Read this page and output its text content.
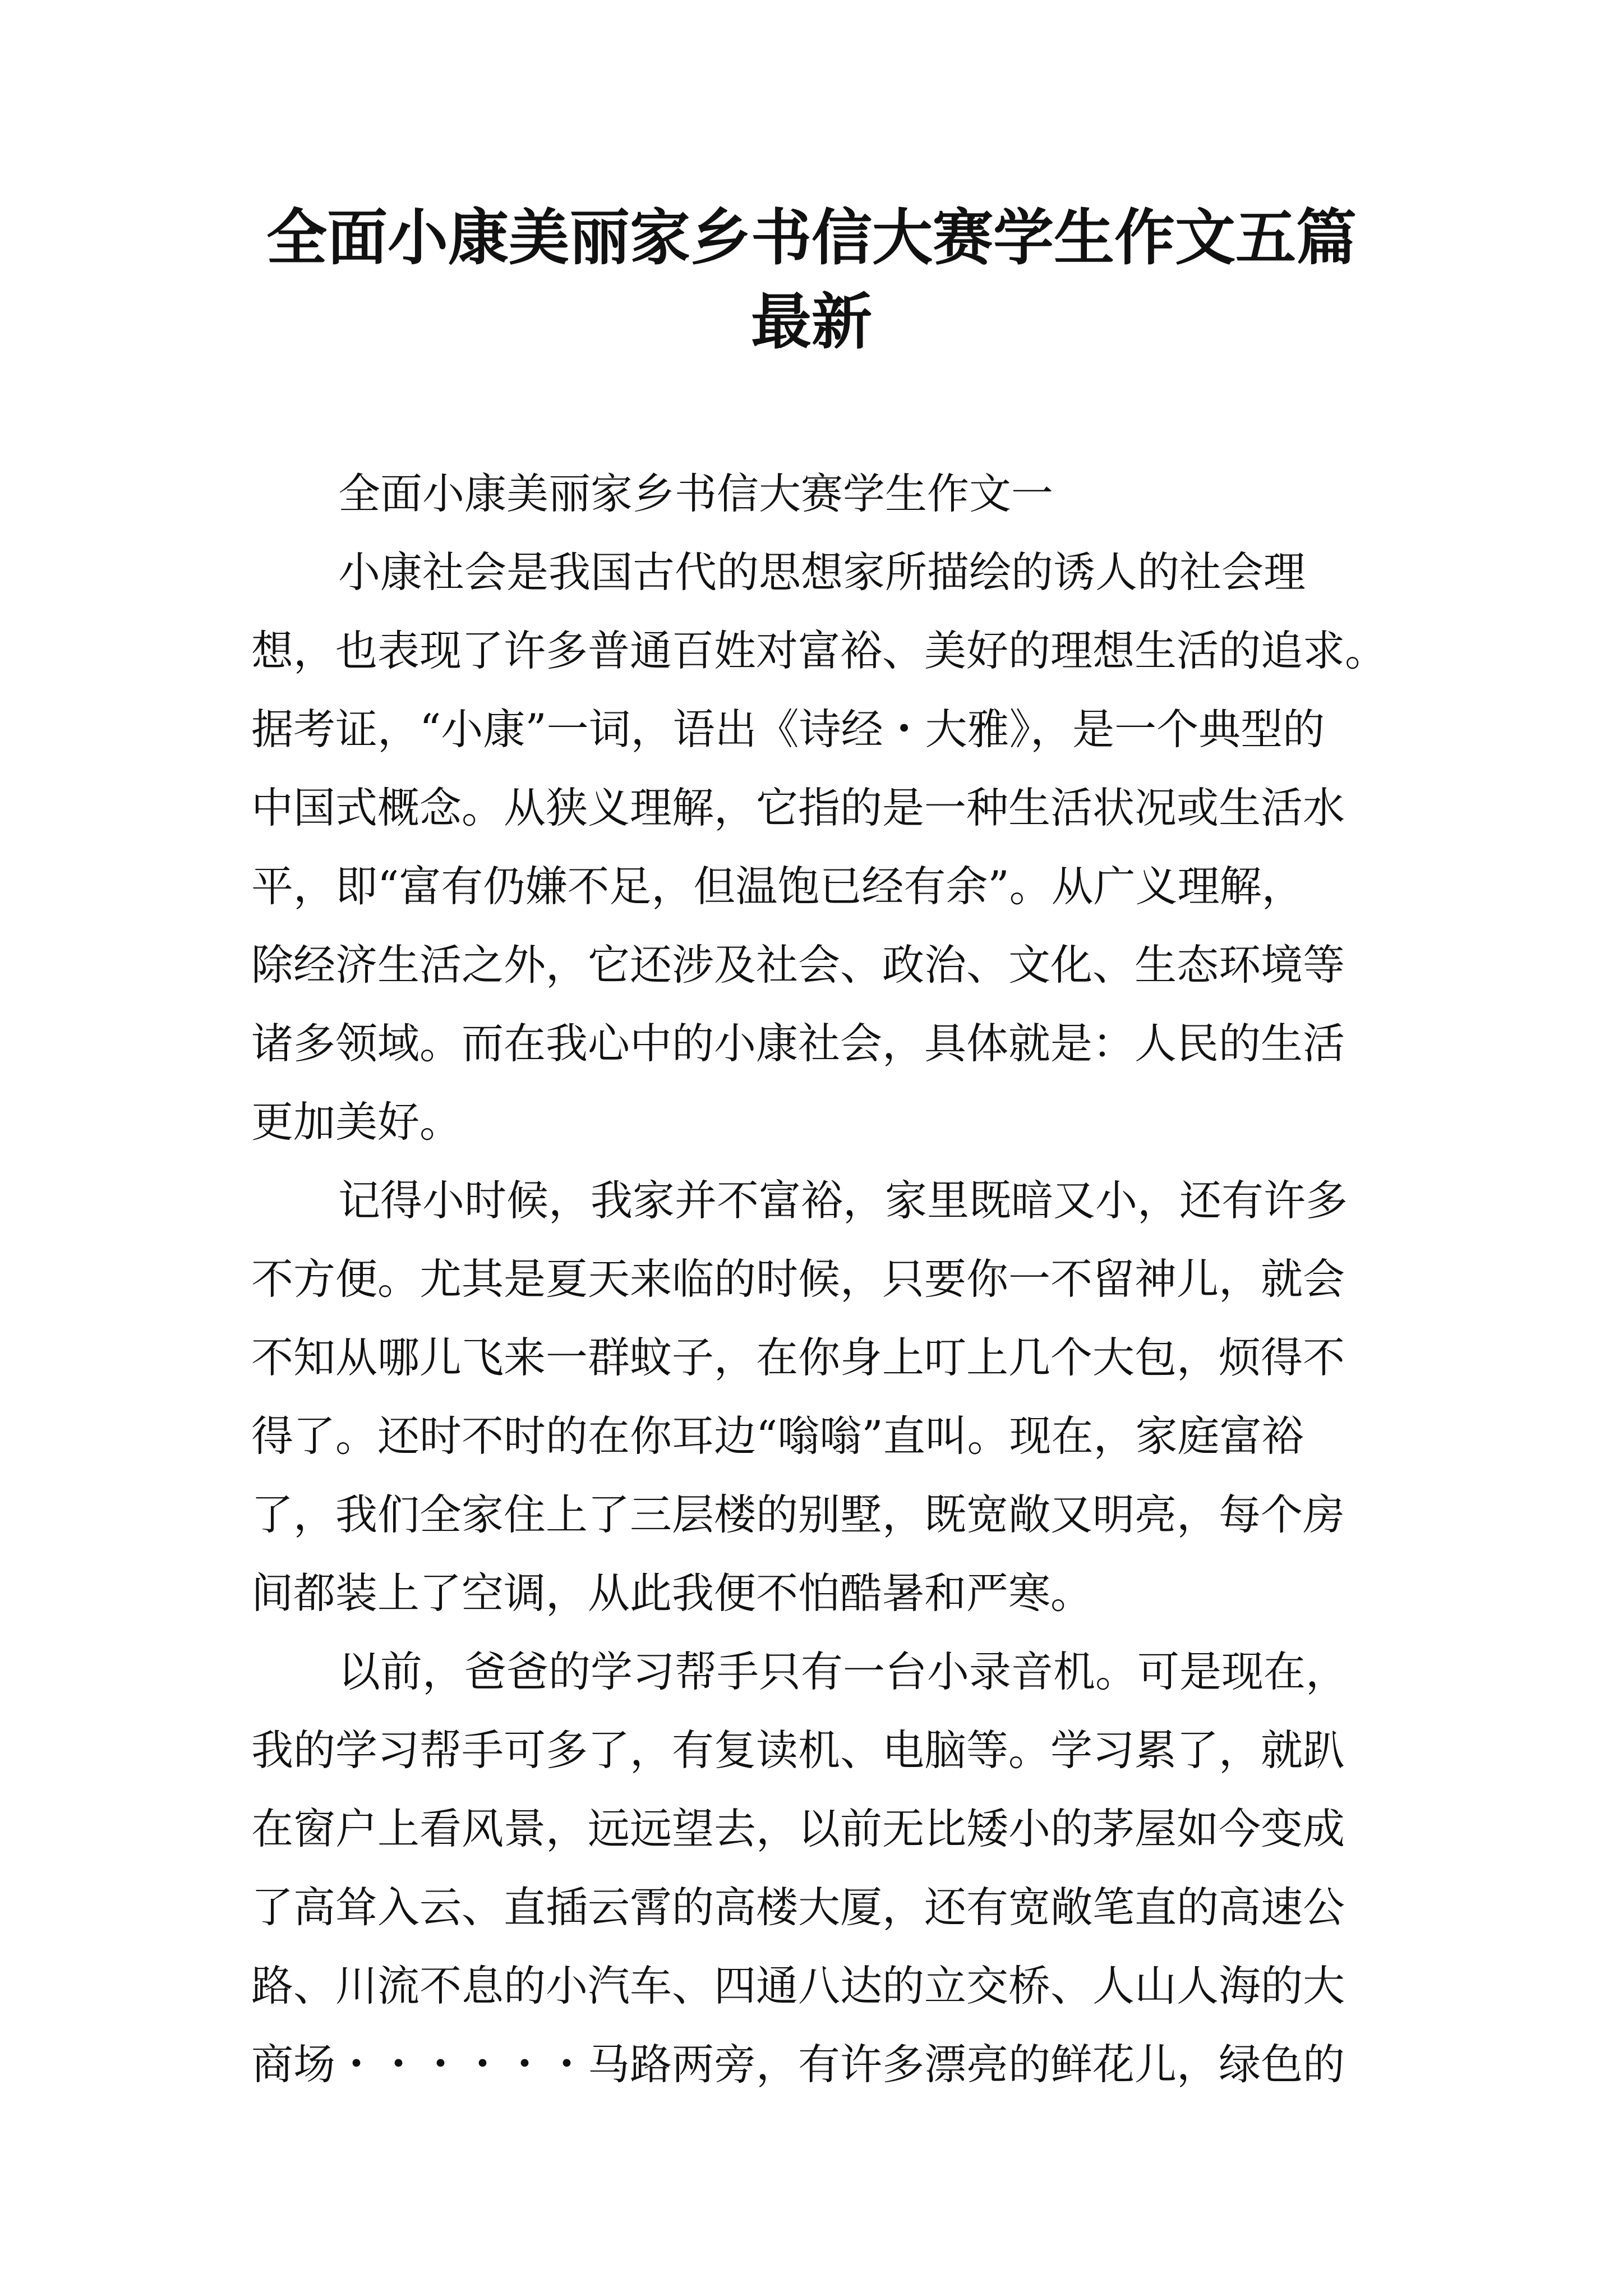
全面小康美丽家乡书信大赛学生作文五篇
最新
全面小康美丽家乡书信大赛学生作文一
小康社会是我国古代的思想家所描绘的诱人的社会理
想，也表现了许多普通百姓对富裕、美好的理想生活的追求。
据考证，“小康”一词，语出《诗经・大雅》，是一个典型的
中国式概念。从狭义理解，它指的是一种生活状况或生活水
平，即“富有仍嫌不足，但温饱已经有余”。从广义理解，
除经济生活之外，它还涉及社会、政治、文化、生态环境等
诸多领域。而在我心中的小康社会，具体就是：人民的生活
更加美好。
记得小时候，我家并不富裕，家里既暗又小，还有许多
不方便。尤其是夏天来临的时候，只要你一不留神儿，就会
不知从哪儿飞来一群蚊子，在你身上叮上几个大包，烦得不
得了。还时不时的在你耳边“嗡嗡”直叫。现在，家庭富裕
了，我们全家住上了三层楼的别墅，既宽敞又明亮，每个房
间都装上了空调，从此我便不怕酷暑和严寒。
以前，爸爸的学习帮手只有一台小录音机。可是现在，
我的学习帮手可多了，有复读机、电脑等。学习累了，就趴
在窗户上看风景，远远望去，以前无比矮小的茅屋如今变成
了高耸入云、直插云霄的高楼大厦，还有宽敞笔直的高速公
路、川流不息的小汽车、四通八达的立交桥、人山人海的大
商场・・・・・・马路两旁，有许多漂亮的鲜花儿，绿色的
